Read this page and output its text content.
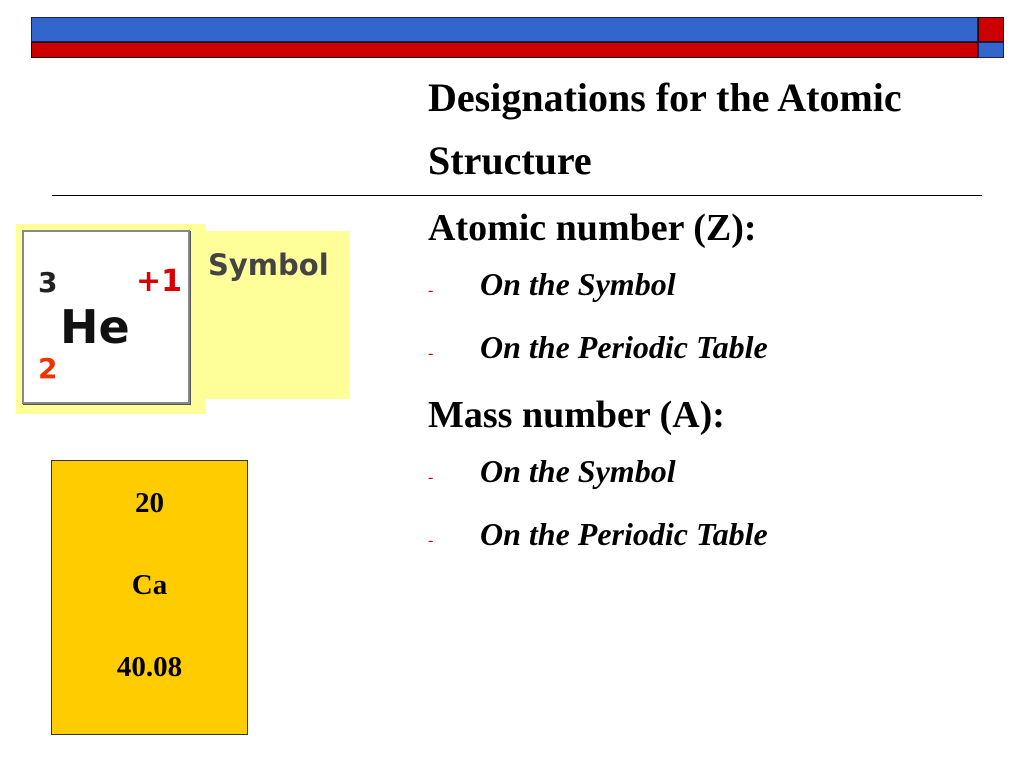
Designations for the Atomic Structure

Atomic number (Z):

-	On the Symbol

-	On the Periodic Table

Mass number (A):

-	On the Symbol

-	On the Periodic Table

3	+1
He
2
Symbol
20
Ca
40.08
